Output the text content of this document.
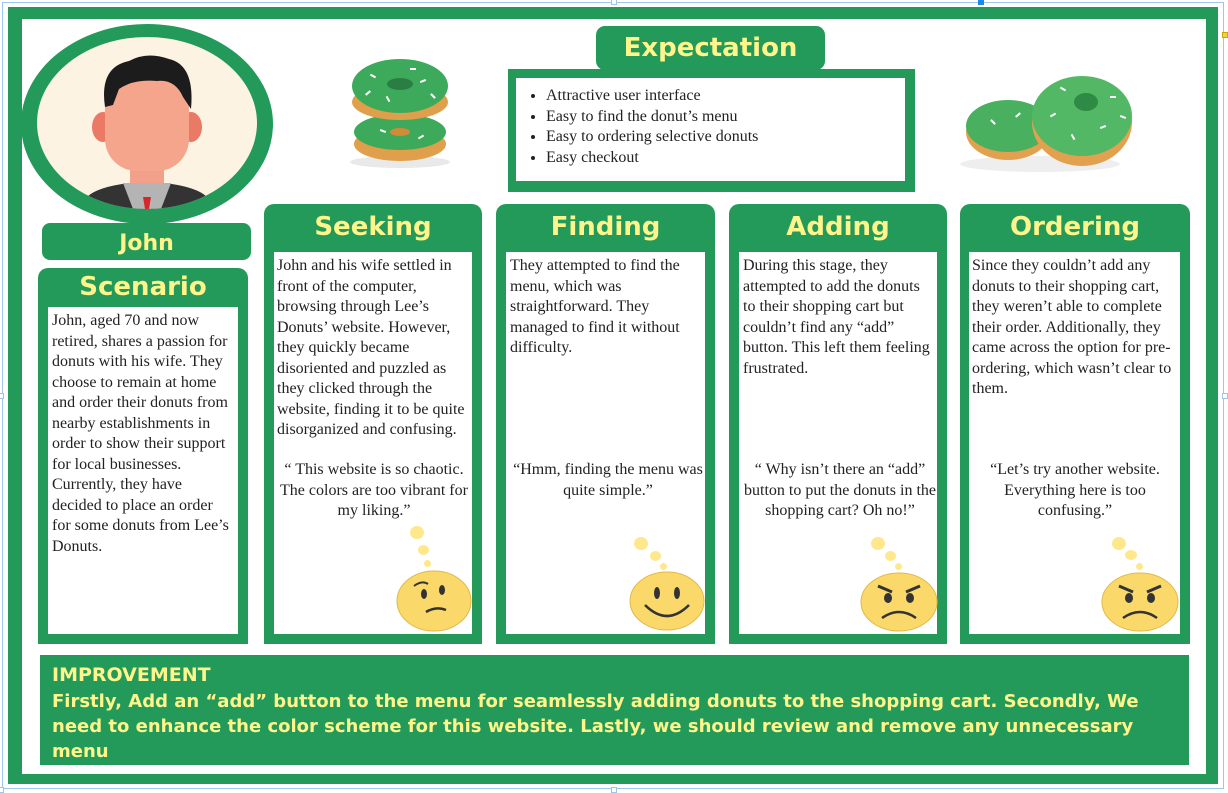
John
Scenario
John, aged 70 and now retired, shares a passion for donuts with his wife. They choose to remain at home and order their donuts from nearby establishments in order to show their support for local businesses. Currently, they have decided to place an order for some donuts from Lee’s Donuts.
Expectation
• Attractive user interface
• Easy to find the donut’s menu
• Easy to ordering selective donuts
• Easy checkout
Seeking
John and his wife settled in front of the computer, browsing through Lee’s Donuts’ website. However, they quickly became disoriented and puzzled as they clicked through the website, finding it to be quite disorganized and confusing.
“ This website is so chaotic. The colors are too vibrant for my liking.”
Finding
They attempted to find the menu, which was straightforward. They managed to find it without difficulty.
“Hmm, finding the menu was quite simple.”
Adding
During this stage, they attempted to add the donuts to their shopping cart but couldn’t find any “add” button. This left them feeling frustrated.
“ Why isn’t there an “add” button to put the donuts in the shopping cart? Oh no!”
Ordering
Since they couldn’t add any donuts to their shopping cart, they weren’t able to complete their order. Additionally, they came across the option for pre-ordering, which wasn’t clear to them.
“Let’s try another website. Everything here is too confusing.”
IMPROVEMENT
Firstly, Add an “add” button to the menu for seamlessly adding donuts to the shopping cart. Secondly, We need to enhance the color scheme for this website. Lastly, we should review and remove any unnecessary menu
